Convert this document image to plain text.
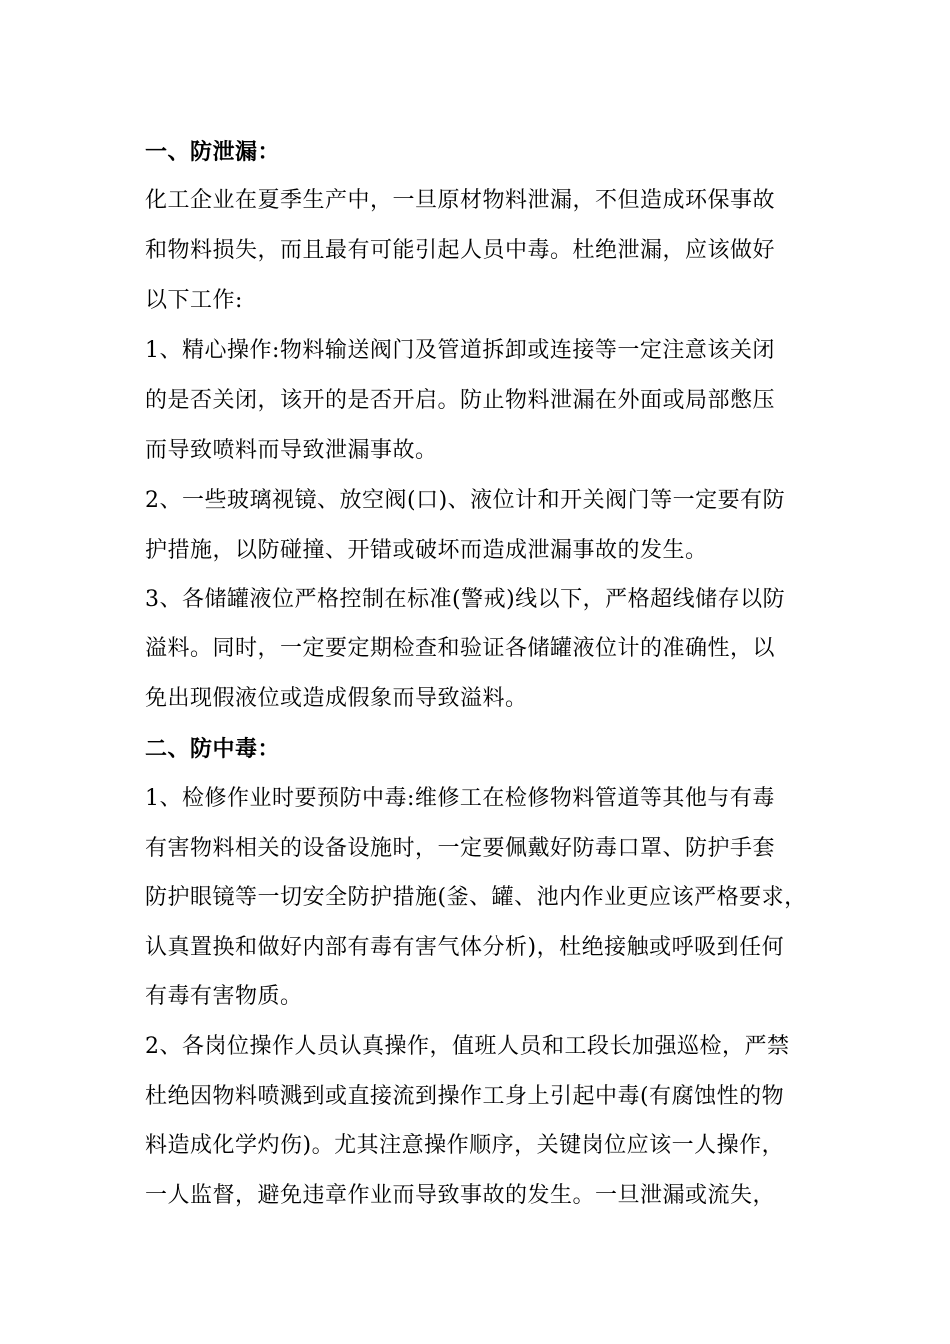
一、防泄漏：
化工企业在夏季生产中，一旦原材物料泄漏，不但造成环保事故
和物料损失，而且最有可能引起人员中毒。杜绝泄漏，应该做好
以下工作:
1、精心操作:物料输送阀门及管道拆卸或连接等一定注意该关闭
的是否关闭，该开的是否开启。防止物料泄漏在外面或局部憋压
而导致喷料而导致泄漏事故。
2、一些玻璃视镜、放空阀(口)、液位计和开关阀门等一定要有防
护措施，以防碰撞、开错或破坏而造成泄漏事故的发生。
3、各储罐液位严格控制在标准(警戒)线以下，严格超线储存以防
溢料。同时，一定要定期检查和验证各储罐液位计的准确性，以
免出现假液位或造成假象而导致溢料。
二、防中毒：
1、检修作业时要预防中毒:维修工在检修物料管道等其他与有毒
有害物料相关的设备设施时，一定要佩戴好防毒口罩、防护手套
防护眼镜等一切安全防护措施(釜、罐、池内作业更应该严格要求，
认真置换和做好内部有毒有害气体分析)，杜绝接触或呼吸到任何
有毒有害物质。
2、各岗位操作人员认真操作，值班人员和工段长加强巡检，严禁
杜绝因物料喷溅到或直接流到操作工身上引起中毒(有腐蚀性的物
料造成化学灼伤)。尤其注意操作顺序，关键岗位应该一人操作，
一人监督，避免违章作业而导致事故的发生。一旦泄漏或流失，
